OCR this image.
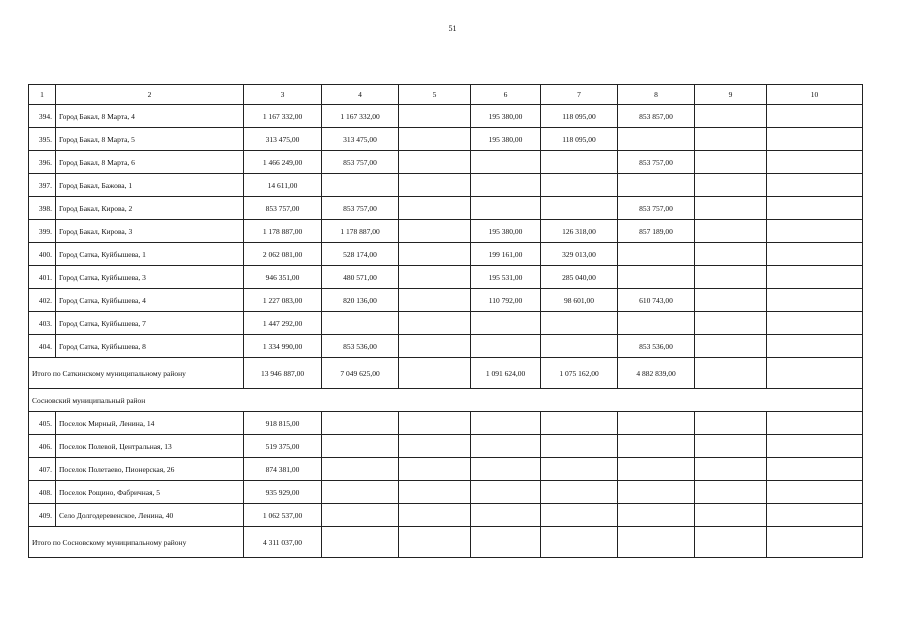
51
1	2	3	4	5	6	7	8	9	10
394.	Город Бакал, 8 Марта, 4	1 167 332,00	1 167 332,00		195 380,00	118 095,00	853 857,00		
395.	Город Бакал, 8 Марта, 5	313 475,00	313 475,00		195 380,00	118 095,00			
396.	Город Бакал, 8 Марта, 6	1 466 249,00	853 757,00				853 757,00		
397.	Город Бакал, Бажова, 1	14 611,00							
398.	Город Бакал, Кирова, 2	853 757,00	853 757,00				853 757,00		
399.	Город Бакал, Кирова, 3	1 178 887,00	1 178 887,00		195 380,00	126 318,00	857 189,00		
400.	Город Сатка, Куйбышева, 1	2 062 081,00	528 174,00		199 161,00	329 013,00			
401.	Город Сатка, Куйбышева, 3	946 351,00	480 571,00		195 531,00	285 040,00			
402.	Город Сатка, Куйбышева, 4	1 227 083,00	820 136,00		110 792,00	98 601,00	610 743,00		
403.	Город Сатка, Куйбышева, 7	1 447 292,00							
404.	Город Сатка, Куйбышева, 8	1 334 990,00	853 536,00				853 536,00		
Итого по Саткинскому муниципальному району		13 946 887,00	7 049 625,00		1 091 624,00	1 075 162,00	4 882 839,00		
Сосновский муниципальный район									
405.	Поселок Мирный, Ленина, 14	918 815,00							
406.	Поселок Полевой, Центральная, 13	519 375,00							
407.	Поселок Полетаево, Пионерская, 26	874 381,00							
408.	Поселок Рощино, Фабричная, 5	935 929,00							
409.	Село Долгодеревенское, Ленина, 40	1 062 537,00							
Итого по Сосновскому муниципальному району		4 311 037,00							
